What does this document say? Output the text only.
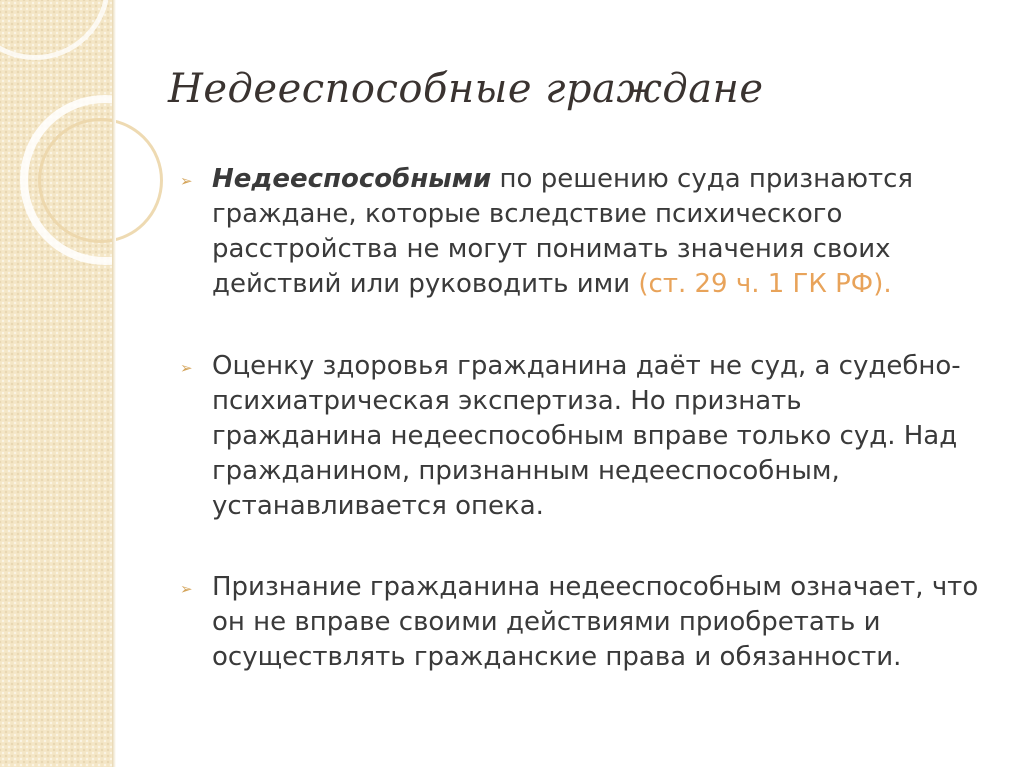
Недееспособные граждане
➢ Недееспособными по решению суда признаются граждане, которые вследствие психического расстройства не могут понимать значения своих действий или руководить ими (ст. 29 ч. 1 ГК РФ).
➢ Оценку здоровья гражданина даёт не суд, а судебно-психиатрическая экспертиза. Но признать гражданина недееспособным вправе только суд. Над гражданином, признанным недееспособным, устанавливается опека.
➢ Признание гражданина недееспособным означает, что он не вправе своими действиями приобретать и осуществлять гражданские права и обязанности.
